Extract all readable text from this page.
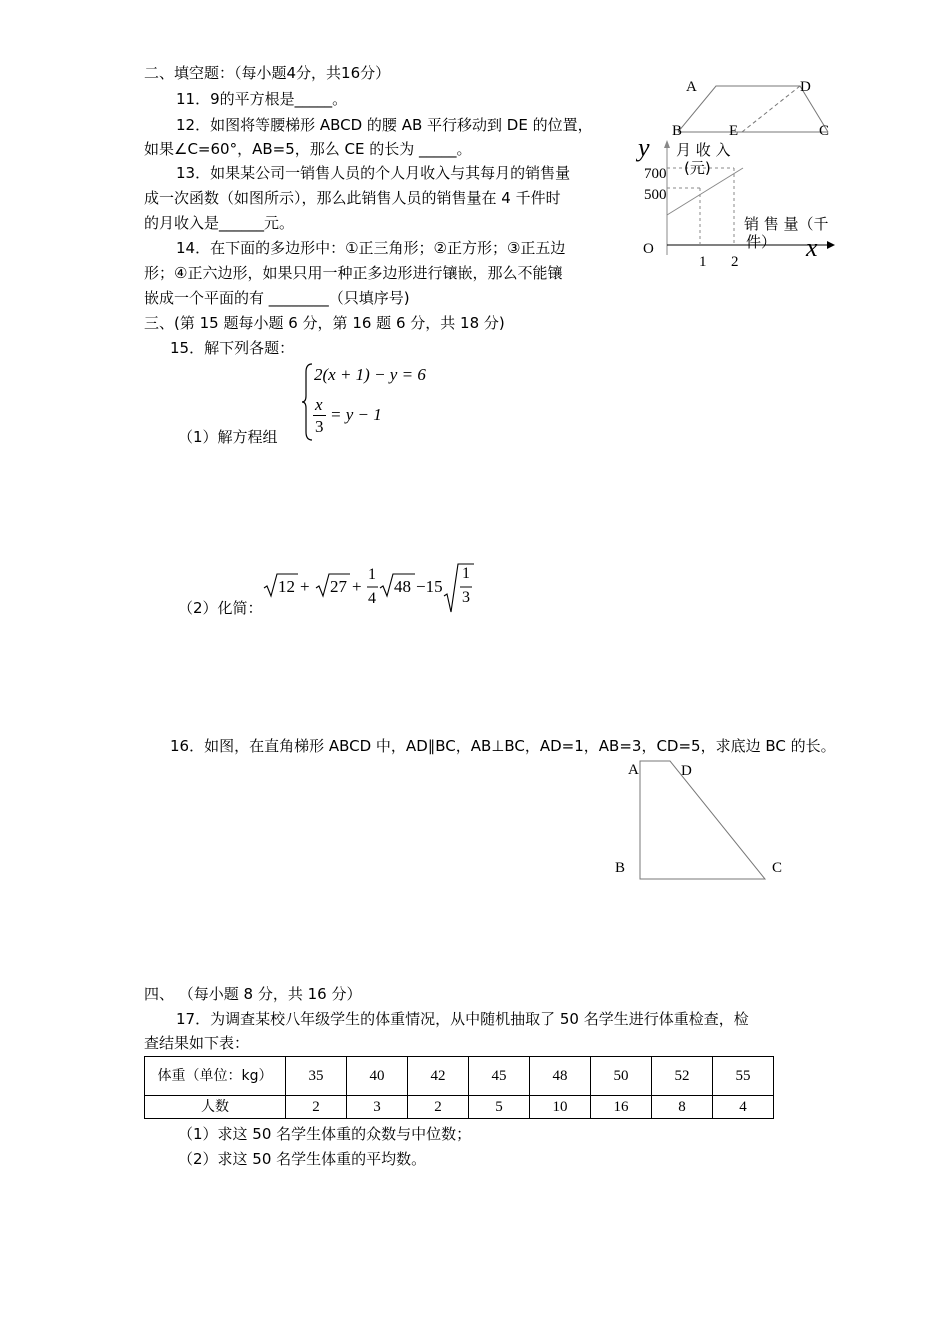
二、填空题：（每小题4分，共16分）
11．9的平方根是_____。
12．如图将等腰梯形 ABCD 的腰 AB 平行移动到 DE 的位置，
如果∠C=60°，AB=5，那么 CE 的长为 _____。
13．如果某公司一销售人员的个人月收入与其每月的销售量
成一次函数（如图所示），那么此销售人员的销售量在 4 千件时
的月收入是______元。
14．在下面的多边形中：①正三角形；②正方形；③正五边
形；④正六边形，如果只用一种正多边形进行镶嵌，那么不能镶
嵌成一个平面的有 ________（只填序号)
A	D
B	E	C
y 月 收 入
(元)
700
500
销 售 量（千
件）
O
1 2	x
三、(第 15 题每小题 6 分，第 16 题 6 分，共 18 分)
15．解下列各题：
2(x + 1) − y = 6
x
3
= y − 1
（1）解方程组
（2）化简：
12 + 27 +
1
4
48 −15
1
3
16．如图，在直角梯形 ABCD 中，AD∥BC，AB⊥BC，AD=1，AB=3，CD=5，求底边 BC 的长。
A	D
B	C
四、 （每小题 8 分，共 16 分）
17．为调查某校八年级学生的体重情况，从中随机抽取了 50 名学生进行体重检查，检
查结果如下表：
体重（单位：kg）	35	40	42	45	48	50	52	55
人数	2	3	2	5	10	16	8	4
（1）求这 50 名学生体重的众数与中位数；
（2）求这 50 名学生体重的平均数。
